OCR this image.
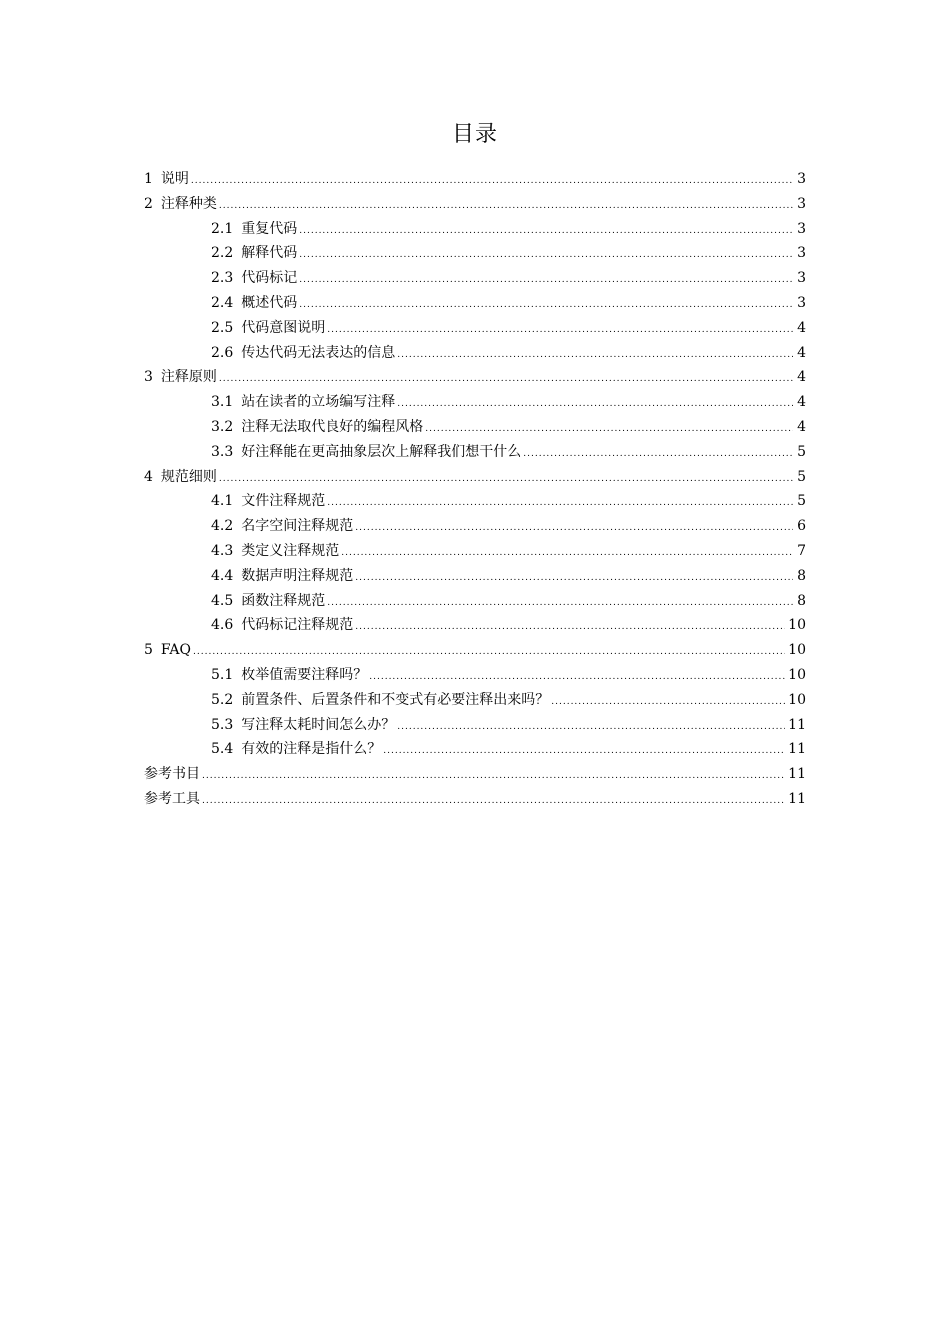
目录
1 说明 .....	3
2 注释种类 .....	3
2.1 重复代码 .....	3
2.2 解释代码 .....	3
2.3 代码标记 .....	3
2.4 概述代码 .....	3
2.5 代码意图说明 .....	4
2.6 传达代码无法表达的信息 .....	4
3 注释原则 .....	4
3.1 站在读者的立场编写注释 .....	4
3.2 注释无法取代良好的编程风格 .....	4
3.3 好注释能在更高抽象层次上解释我们想干什么 .....	5
4 规范细则 .....	5
4.1 文件注释规范 .....	5
4.2 名字空间注释规范 .....	6
4.3 类定义注释规范 .....	7
4.4 数据声明注释规范 .....	8
4.5 函数注释规范 .....	8
4.6 代码标记注释规范 .....	10
5 FAQ .....	10
5.1 枚举值需要注释吗？ .....	10
5.2 前置条件、后置条件和不变式有必要注释出来吗？ .....	10
5.3 写注释太耗时间怎么办？ .....	11
5.4 有效的注释是指什么？ .....	11
参考书目 .....	11
参考工具 .....	11
